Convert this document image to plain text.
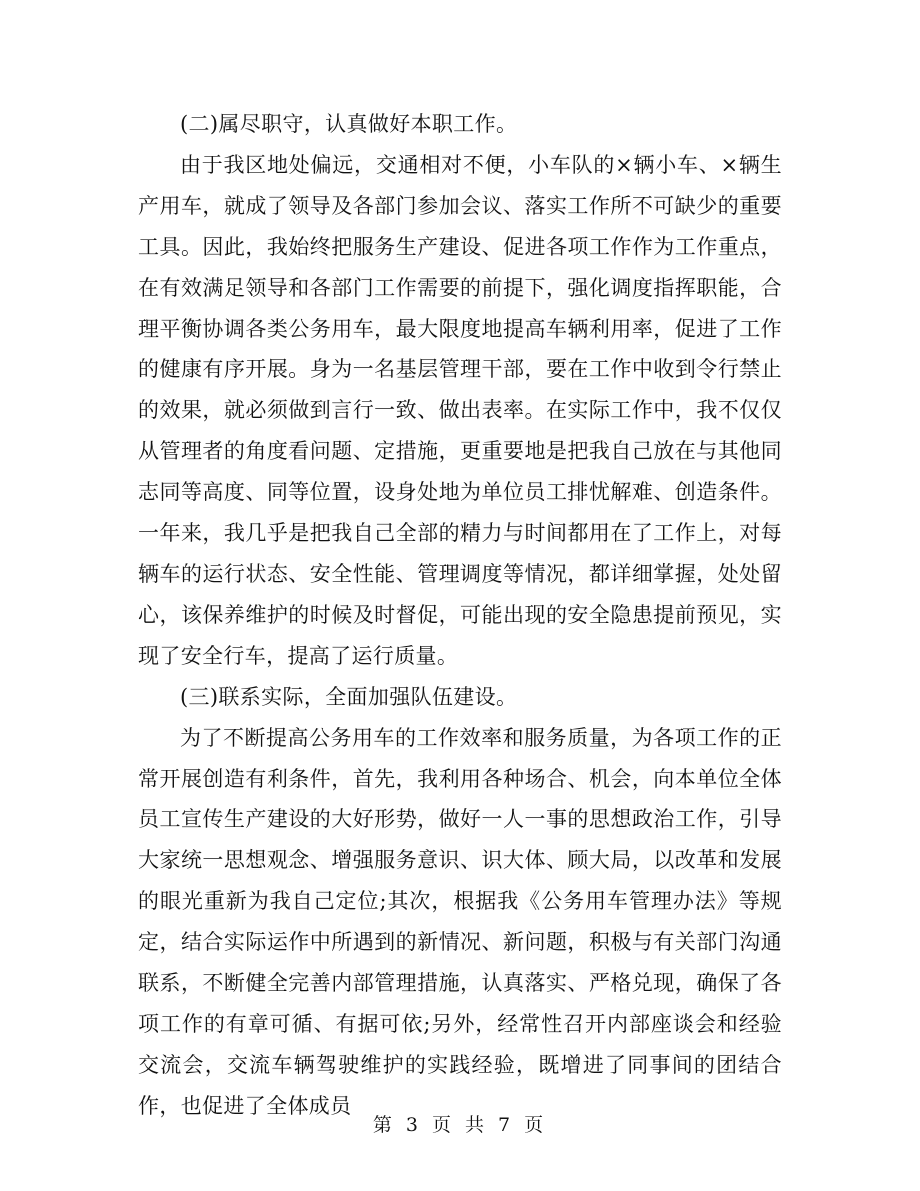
(二)属尽职守，认真做好本职工作。

由于我区地处偏远，交通相对不便，小车队的×辆小车、×辆生产用车，就成了领导及各部门参加会议、落实工作所不可缺少的重要工具。因此，我始终把服务生产建设、促进各项工作作为工作重点，在有效满足领导和各部门工作需要的前提下，强化调度指挥职能，合理平衡协调各类公务用车，最大限度地提高车辆利用率，促进了工作的健康有序开展。身为一名基层管理干部，要在工作中收到令行禁止的效果，就必须做到言行一致、做出表率。在实际工作中，我不仅仅从管理者的角度看问题、定措施，更重要地是把我自己放在与其他同志同等高度、同等位置，设身处地为单位员工排忧解难、创造条件。一年来，我几乎是把我自己全部的精力与时间都用在了工作上，对每辆车的运行状态、安全性能、管理调度等情况，都详细掌握，处处留心，该保养维护的时候及时督促，可能出现的安全隐患提前预见，实现了安全行车，提高了运行质量。

(三)联系实际，全面加强队伍建设。

为了不断提高公务用车的工作效率和服务质量，为各项工作的正常开展创造有利条件，首先，我利用各种场合、机会，向本单位全体员工宣传生产建设的大好形势，做好一人一事的思想政治工作，引导大家统一思想观念、增强服务意识、识大体、顾大局，以改革和发展的眼光重新为我自己定位;其次，根据我《公务用车管理办法》等规定，结合实际运作中所遇到的新情况、新问题，积极与有关部门沟通联系，不断健全完善内部管理措施，认真落实、严格兑现，确保了各项工作的有章可循、有据可依;另外，经常性召开内部座谈会和经验交流会，交流车辆驾驶维护的实践经验，既增进了同事间的团结合作，也促进了全体成员

第 3 页 共 7 页
